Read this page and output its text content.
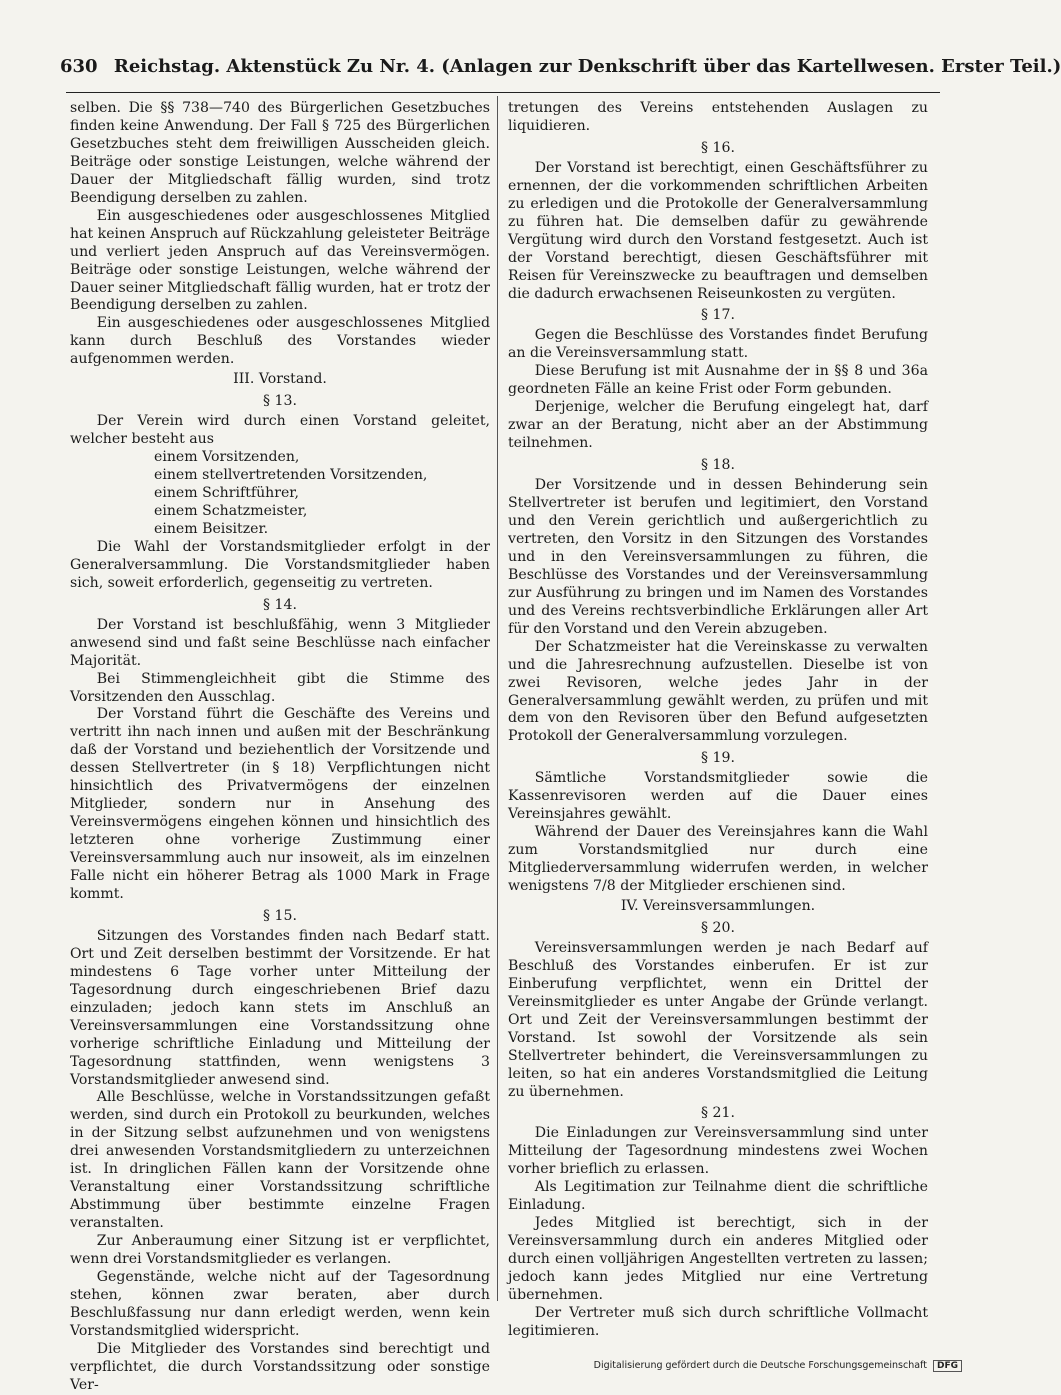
630 Reichstag. Aktenstück Zu Nr. 4. (Anlagen zur Denkschrift über das Kartellwesen. Erster Teil.)

selben. Die §§ 738—740 des Bürgerlichen Gesetzbuches finden keine Anwendung. Der Fall § 725 des Bürgerlichen Gesetzbuches steht dem freiwilligen Ausscheiden gleich. Beiträge oder sonstige Leistungen, welche während der Dauer der Mitgliedschaft fällig wurden, sind trotz Beendigung derselben zu zahlen.

Ein ausgeschiedenes oder ausgeschlossenes Mitglied hat keinen Anspruch auf Rückzahlung geleisteter Beiträge und verliert jeden Anspruch auf das Vereinsvermögen. Beiträge oder sonstige Leistungen, welche während der Dauer seiner Mitgliedschaft fällig wurden, hat er trotz der Beendigung derselben zu zahlen.

Ein ausgeschiedenes oder ausgeschlossenes Mitglied kann durch Beschluß des Vorstandes wieder aufgenommen werden.

III. Vorstand.

§ 13.

Der Verein wird durch einen Vorstand geleitet, welcher besteht aus

einem Vorsitzenden,
einem stellvertretenden Vorsitzenden,
einem Schriftführer,
einem Schatzmeister,
einem Beisitzer.

Die Wahl der Vorstandsmitglieder erfolgt in der Generalversammlung. Die Vorstandsmitglieder haben sich, soweit erforderlich, gegenseitig zu vertreten.

§ 14.

Der Vorstand ist beschlußfähig, wenn 3 Mitglieder anwesend sind und faßt seine Beschlüsse nach einfacher Majorität.

Bei Stimmengleichheit gibt die Stimme des Vorsitzenden den Ausschlag.

Der Vorstand führt die Geschäfte des Vereins und vertritt ihn nach innen und außen mit der Beschränkung daß der Vorstand und beziehentlich der Vorsitzende und dessen Stellvertreter (in § 18) Verpflichtungen nicht hinsichtlich des Privatvermögens der einzelnen Mitglieder, sondern nur in Ansehung des Vereinsvermögens eingehen können und hinsichtlich des letzteren ohne vorherige Zustimmung einer Vereinsversammlung auch nur insoweit, als im einzelnen Falle nicht ein höherer Betrag als 1000 Mark in Frage kommt.

§ 15.

Sitzungen des Vorstandes finden nach Bedarf statt. Ort und Zeit derselben bestimmt der Vorsitzende. Er hat mindestens 6 Tage vorher unter Mitteilung der Tagesordnung durch eingeschriebenen Brief dazu einzuladen; jedoch kann stets im Anschluß an Vereinsversammlungen eine Vorstandssitzung ohne vorherige schriftliche Einladung und Mitteilung der Tagesordnung stattfinden, wenn wenigstens 3 Vorstandsmitglieder anwesend sind.

Alle Beschlüsse, welche in Vorstandssitzungen gefaßt werden, sind durch ein Protokoll zu beurkunden, welches in der Sitzung selbst aufzunehmen und von wenigstens drei anwesenden Vorstandsmitgliedern zu unterzeichnen ist. In dringlichen Fällen kann der Vorsitzende ohne Veranstaltung einer Vorstandssitzung schriftliche Abstimmung über bestimmte einzelne Fragen veranstalten.

Zur Anberaumung einer Sitzung ist er verpflichtet, wenn drei Vorstandsmitglieder es verlangen.

Gegenstände, welche nicht auf der Tagesordnung stehen, können zwar beraten, aber durch Beschlußfassung nur dann erledigt werden, wenn kein Vorstandsmitglied widerspricht.

Die Mitglieder des Vorstandes sind berechtigt und verpflichtet, die durch Vorstandssitzung oder sonstige Ver-

tretungen des Vereins entstehenden Auslagen zu liquidieren.

§ 16.

Der Vorstand ist berechtigt, einen Geschäftsführer zu ernennen, der die vorkommenden schriftlichen Arbeiten zu erledigen und die Protokolle der Generalversammlung zu führen hat. Die demselben dafür zu gewährende Vergütung wird durch den Vorstand festgesetzt. Auch ist der Vorstand berechtigt, diesen Geschäftsführer mit Reisen für Vereinszwecke zu beauftragen und demselben die dadurch erwachsenen Reiseunkosten zu vergüten.

§ 17.

Gegen die Beschlüsse des Vorstandes findet Berufung an die Vereinsversammlung statt.

Diese Berufung ist mit Ausnahme der in §§ 8 und 36a geordneten Fälle an keine Frist oder Form gebunden.

Derjenige, welcher die Berufung eingelegt hat, darf zwar an der Beratung, nicht aber an der Abstimmung teilnehmen.

§ 18.

Der Vorsitzende und in dessen Behinderung sein Stellvertreter ist berufen und legitimiert, den Vorstand und den Verein gerichtlich und außergerichtlich zu vertreten, den Vorsitz in den Sitzungen des Vorstandes und in den Vereinsversammlungen zu führen, die Beschlüsse des Vorstandes und der Vereinsversammlung zur Ausführung zu bringen und im Namen des Vorstandes und des Vereins rechtsverbindliche Erklärungen aller Art für den Vorstand und den Verein abzugeben.

Der Schatzmeister hat die Vereinskasse zu verwalten und die Jahresrechnung aufzustellen. Dieselbe ist von zwei Revisoren, welche jedes Jahr in der Generalversammlung gewählt werden, zu prüfen und mit dem von den Revisoren über den Befund aufgesetzten Protokoll der Generalversammlung vorzulegen.

§ 19.

Sämtliche Vorstandsmitglieder sowie die Kassenrevisoren werden auf die Dauer eines Vereinsjahres gewählt.

Während der Dauer des Vereinsjahres kann die Wahl zum Vorstandsmitglied nur durch eine Mitgliederversammlung widerrufen werden, in welcher wenigstens 7/8 der Mitglieder erschienen sind.

IV. Vereinsversammlungen.

§ 20.

Vereinsversammlungen werden je nach Bedarf auf Beschluß des Vorstandes einberufen. Er ist zur Einberufung verpflichtet, wenn ein Drittel der Vereinsmitglieder es unter Angabe der Gründe verlangt. Ort und Zeit der Vereinsversammlungen bestimmt der Vorstand. Ist sowohl der Vorsitzende als sein Stellvertreter behindert, die Vereinsversammlungen zu leiten, so hat ein anderes Vorstandsmitglied die Leitung zu übernehmen.

§ 21.

Die Einladungen zur Vereinsversammlung sind unter Mitteilung der Tagesordnung mindestens zwei Wochen vorher brieflich zu erlassen.

Als Legitimation zur Teilnahme dient die schriftliche Einladung.

Jedes Mitglied ist berechtigt, sich in der Vereinsversammlung durch ein anderes Mitglied oder durch einen volljährigen Angestellten vertreten zu lassen; jedoch kann jedes Mitglied nur eine Vertretung übernehmen.

Der Vertreter muß sich durch schriftliche Vollmacht legitimieren.

Digitalisierung gefördert durch die Deutsche Forschungsgemeinschaft DFG
